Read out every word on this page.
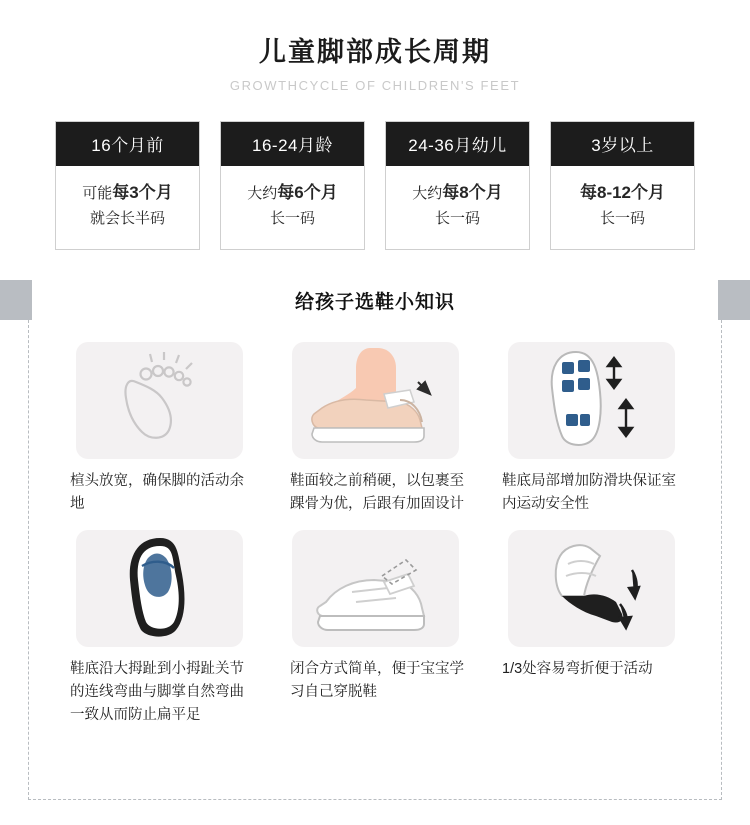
儿童脚部成长周期
GROWTHCYCLE OF CHILDREN'S FEET
16个月前
可能每3个月
就会长半码
16-24月龄
大约每6个月
长一码
24-36月幼儿
大约每8个月
长一码
3岁以上
每8-12个月
长一码
给孩子选鞋小知识
楦头放宽，确保脚的活动余地
鞋面较之前稍硬，以包裹至踝骨为优，后跟有加固设计
鞋底局部增加防滑块保证室内运动安全性
鞋底沿大拇趾到小拇趾关节的连线弯曲与脚掌自然弯曲一致从而防止扁平足
闭合方式简单，便于宝宝学习自己穿脱鞋
1/3处容易弯折便于活动
